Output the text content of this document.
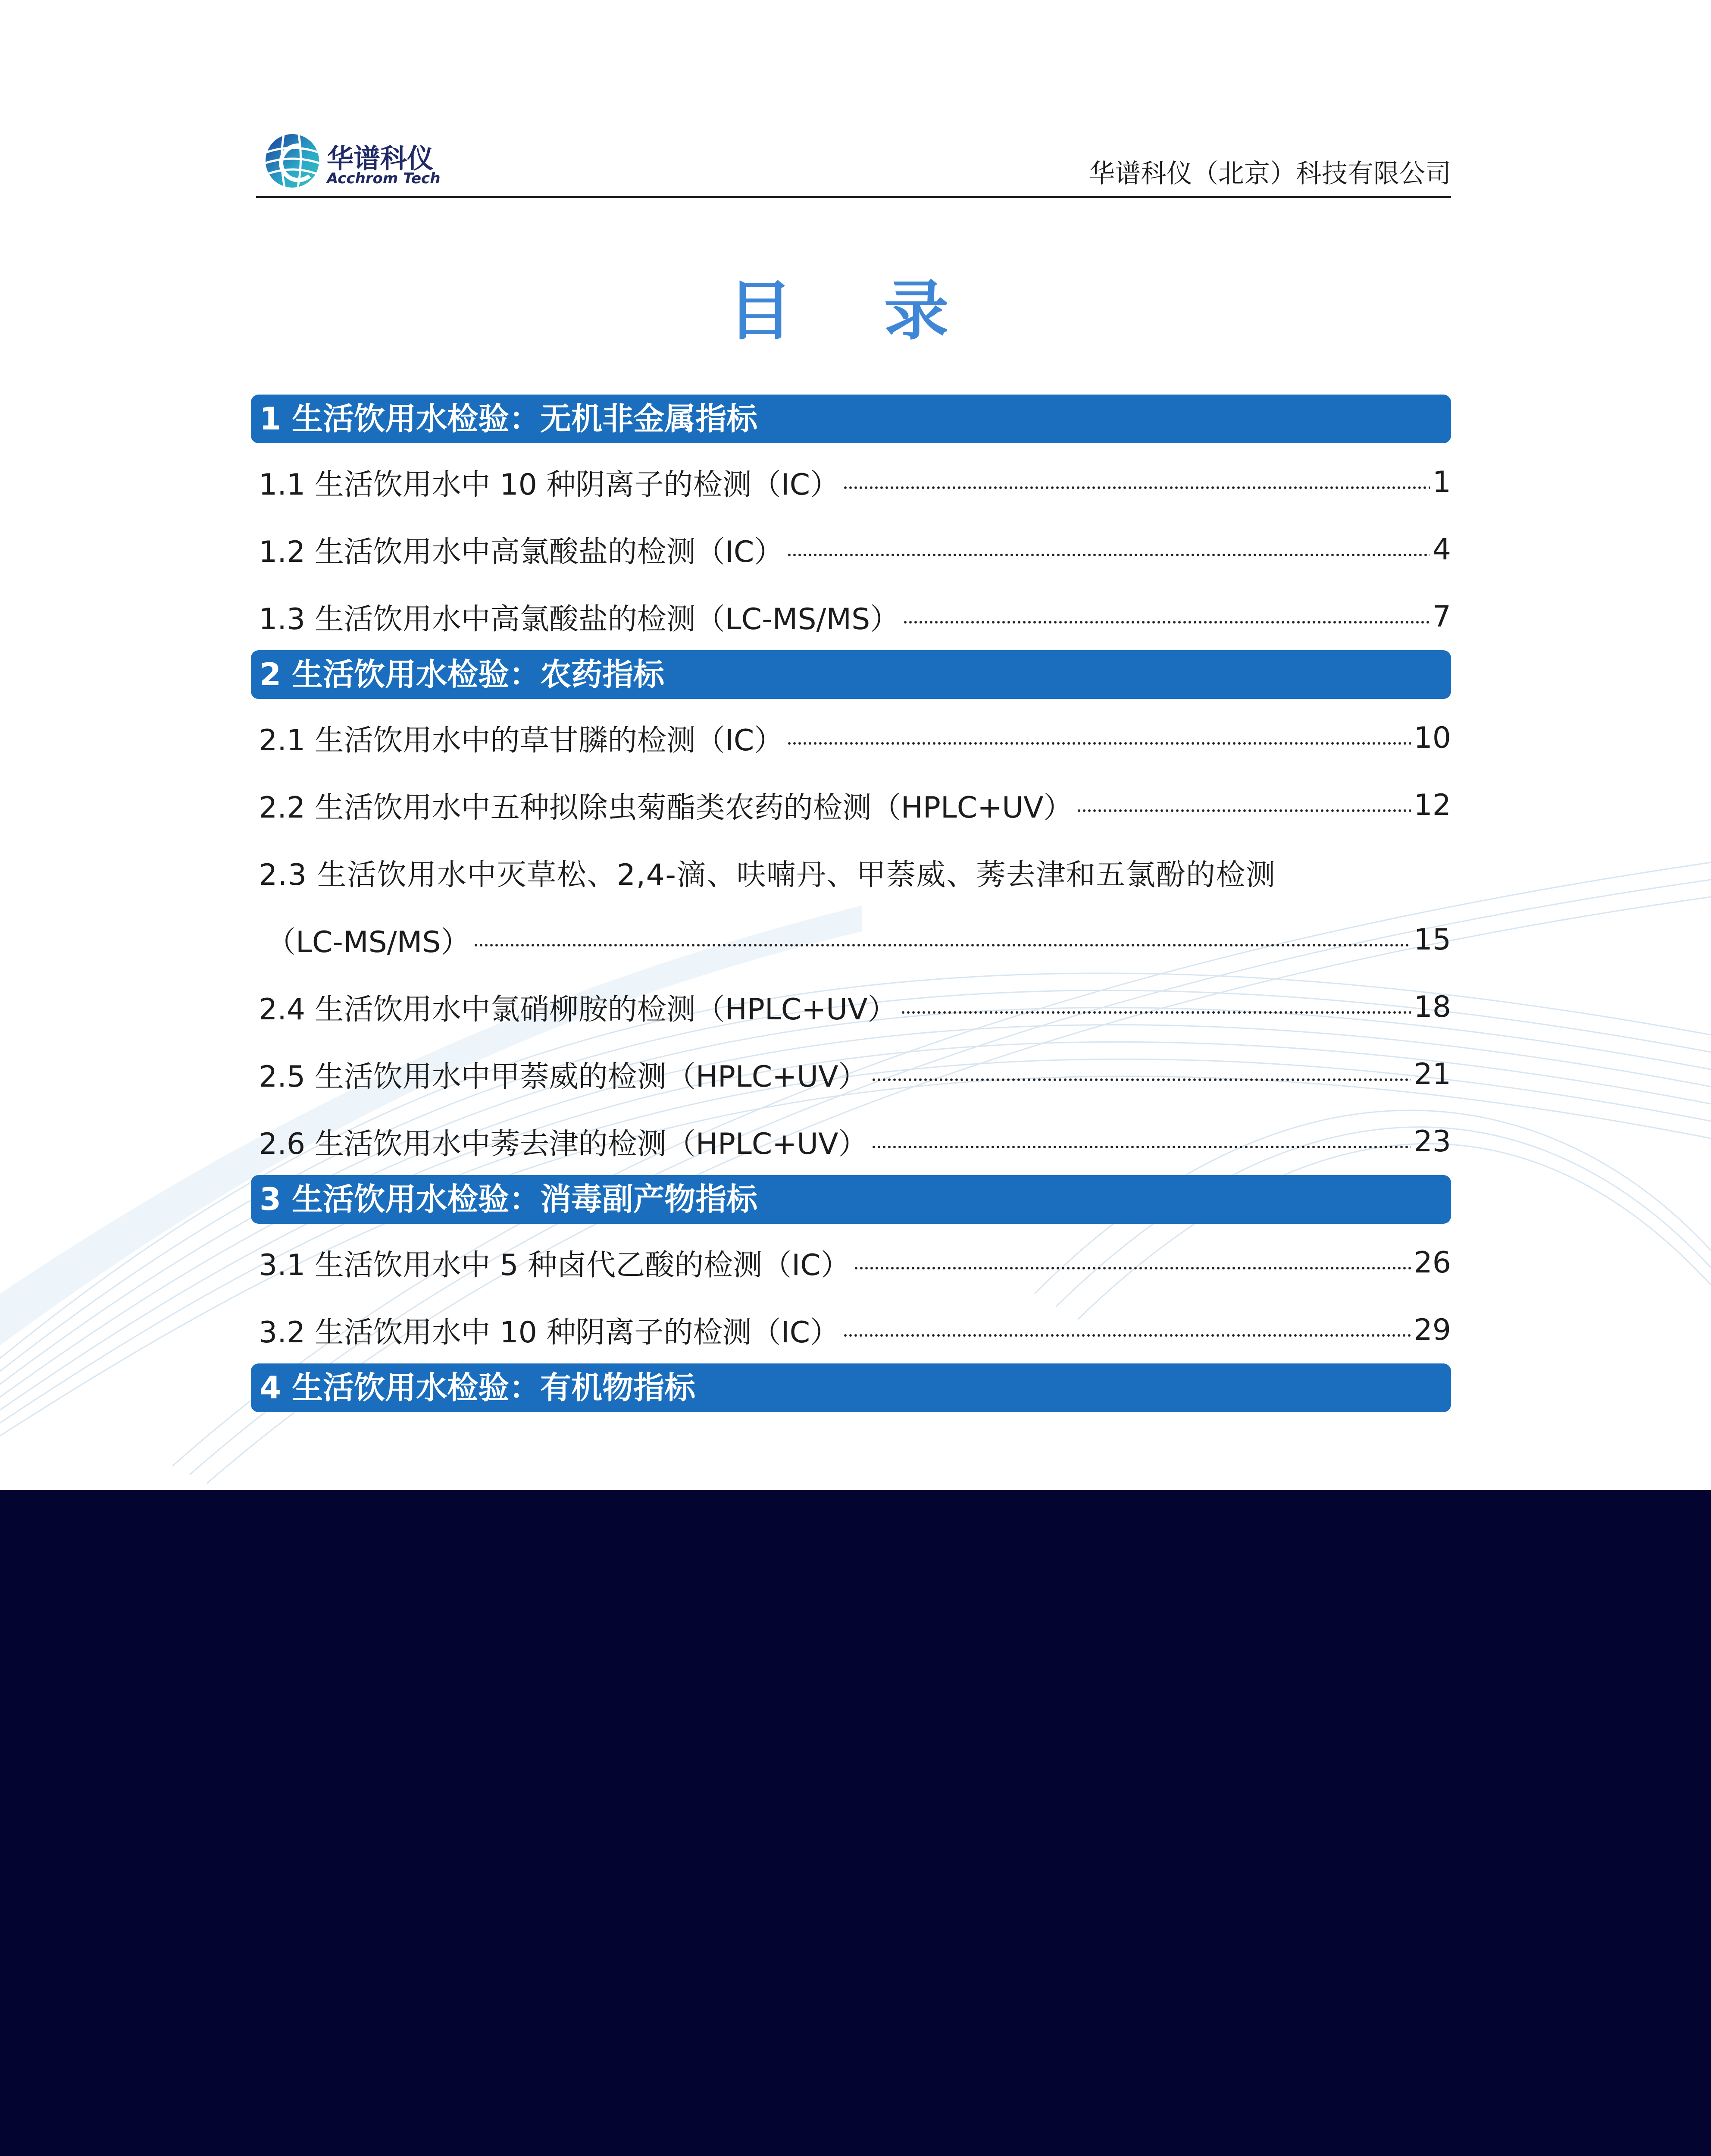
华谱科仪
Acchrom Tech	华谱科仪（北京）科技有限公司
目 录
1 生活饮用水检验：无机非金属指标
1.1 生活饮用水中 10 种阴离子的检测（IC）	1
1.2 生活饮用水中高氯酸盐的检测（IC）	4
1.3 生活饮用水中高氯酸盐的检测（LC-MS/MS）	7
2 生活饮用水检验：农药指标
2.1 生活饮用水中的草甘膦的检测（IC）	10
2.2 生活饮用水中五种拟除虫菊酯类农药的检测（HPLC+UV）	12
2.3 生活饮用水中灭草松、2,4-滴、呋喃丹、甲萘威、莠去津和五氯酚的检测
（LC-MS/MS）	15
2.4 生活饮用水中氯硝柳胺的检测（HPLC+UV）	18
2.5 生活饮用水中甲萘威的检测（HPLC+UV）	21
2.6 生活饮用水中莠去津的检测（HPLC+UV）	23
3 生活饮用水检验：消毒副产物指标
3.1 生活饮用水中 5 种卤代乙酸的检测（IC）	26
3.2 生活饮用水中 10 种阴离子的检测（IC）	29
4 生活饮用水检验：有机物指标
